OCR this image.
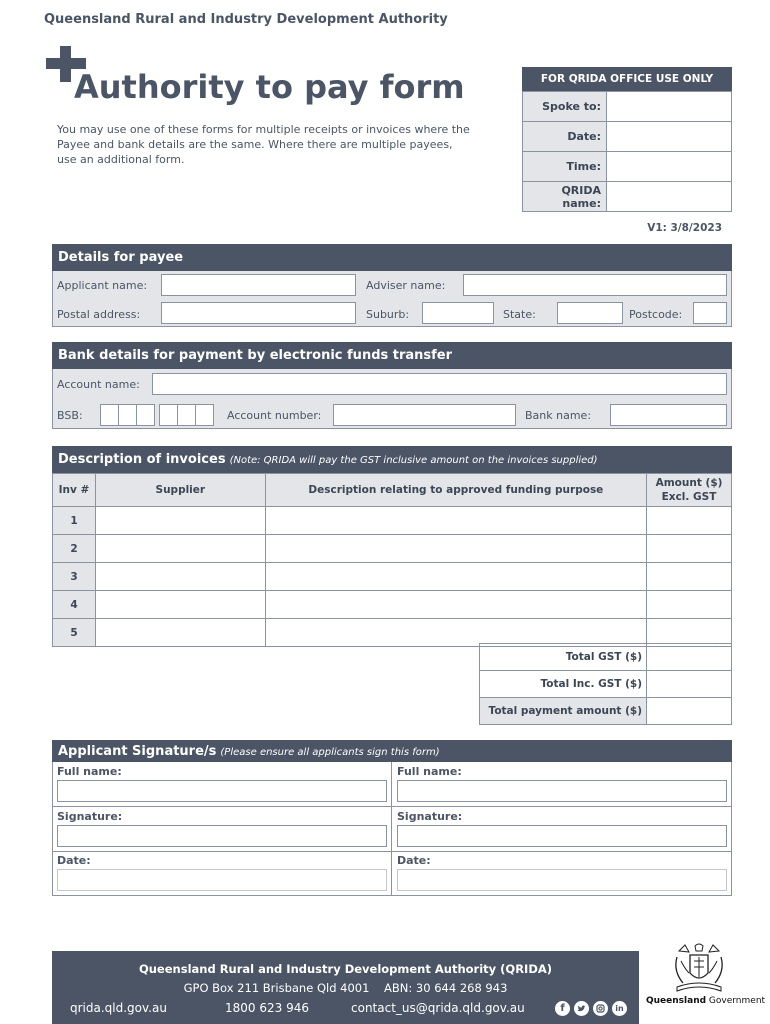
Queensland Rural and Industry Development Authority
Authority to pay form
You may use one of these forms for multiple receipts or invoices where the Payee and bank details are the same. Where there are multiple payees, use an additional form.
FOR QRIDA OFFICE USE ONLY
Spoke to:	
Date:	
Time:	
QRIDA name:	
V1: 3/8/2023
Details for payee
Applicant name:	Adviser name:
Postal address:	Suburb:	State:	Postcode:
Bank details for payment by electronic funds transfer
Account name:
BSB:	Account number:	Bank name:
Description of invoices (Note: QRIDA will pay the GST inclusive amount on the invoices supplied)
Inv #	Supplier	Description relating to approved funding purpose	Amount ($) Excl. GST
1			
2			
3			
4			
5			
Total GST ($)	
Total Inc. GST ($)	
Total payment amount ($)	
Applicant Signature/s (Please ensure all applicants sign this form)
Full name:	Full name:
Signature:	Signature:
Date:	Date:
Queensland Rural and Industry Development Authority (QRIDA)
GPO Box 211 Brisbane Qld 4001    ABN: 30 644 268 943
qrida.qld.gov.au	1800 623 946	contact_us@qrida.qld.gov.au	f	in
Queensland Government
